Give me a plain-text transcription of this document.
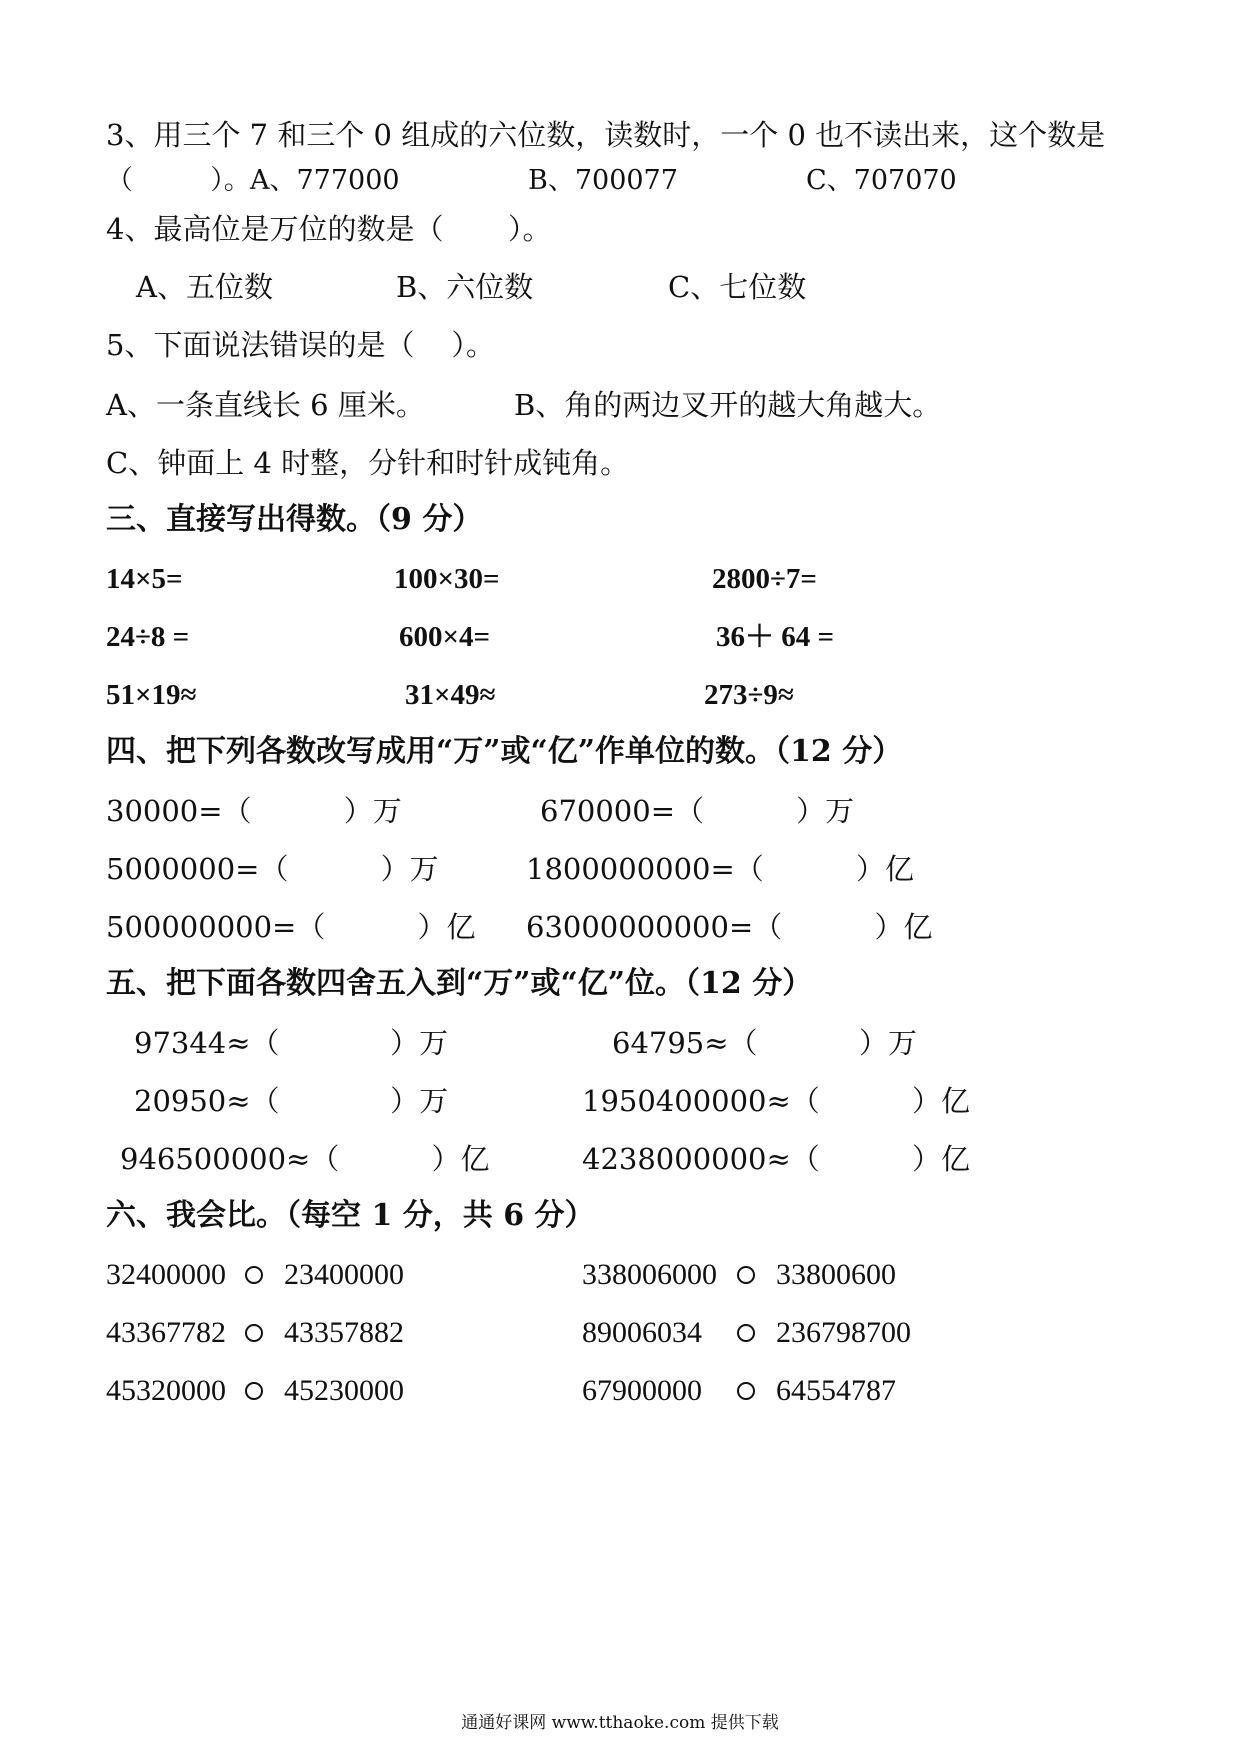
3、用三个 7 和三个 0 组成的六位数，读数时，一个 0 也不读出来，这个数是
（         ）。 A、777000	B、700077	C、707070
4、最高位是万位的数是（       ）。
A、五位数	B、六位数	C、七位数
5、下面说法错误的是（    ）。
A、一条直线长 6 厘米。	B、角的两边叉开的越大角越大。
C、钟面上 4 时整，分针和时针成钝角。
三、直接写出得数。（9 分）
14×5=	100×30=	2800÷7=
24÷8 =	600×4=	36＋ 64 =
51×19≈	31×49≈	273÷9≈
四、把下列各数改写成用“万”或“亿”作单位的数。（12 分）
30000=（          ）万	670000=（          ）万
5000000=（          ）万	1800000000=（          ）亿
500000000=（          ）亿 63000000000=（          ）亿
五、把下面各数四舍五入到“万”或“亿”位。（12 分）
97344≈（            ）万	64795≈（           ）万
20950≈（            ）万	1950400000≈（          ）亿
946500000≈（          ）亿	4238000000≈（          ）亿
六、我会比。（每空 1 分，共 6 分）
32400000 23400000	338006000 33800600
43367782 43357882	89006034 236798700
45320000 45230000	67900000 64554787
通通好课网 www.tthaoke.com 提供下载
